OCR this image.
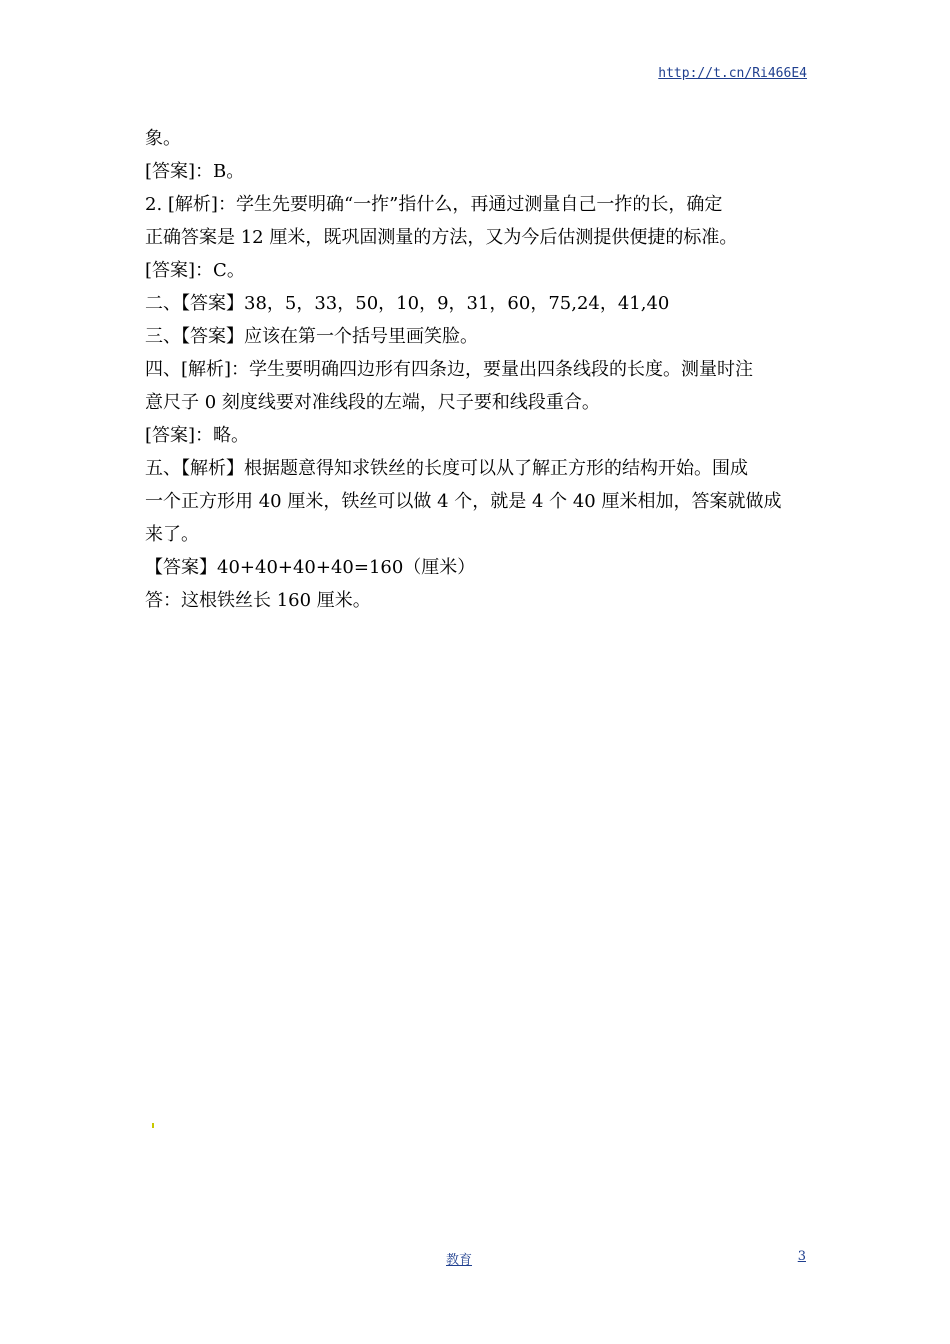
http://t.cn/Ri466E4

象。

[答案]：B。

2. [解析]：学生先要明确“一拃”指什么，再通过测量自己一拃的长，确定

正确答案是 12 厘米，既巩固测量的方法，又为今后估测提供便捷的标准。

[答案]：C。

二、【答案】38，5，33，50，10，9，31，60，75,24，41,40

三、【答案】应该在第一个括号里画笑脸。

四、[解析]：学生要明确四边形有四条边，要量出四条线段的长度。测量时注

意尺子 0 刻度线要对准线段的左端，尺子要和线段重合。

[答案]：略。

五、【解析】根据题意得知求铁丝的长度可以从了解正方形的结构开始。围成

一个正方形用 40 厘米，铁丝可以做 4 个，就是 4 个 40 厘米相加，答案就做成

来了。

【答案】40+40+40+40=160（厘米）

答：这根铁丝长 160 厘米。

教育	3
